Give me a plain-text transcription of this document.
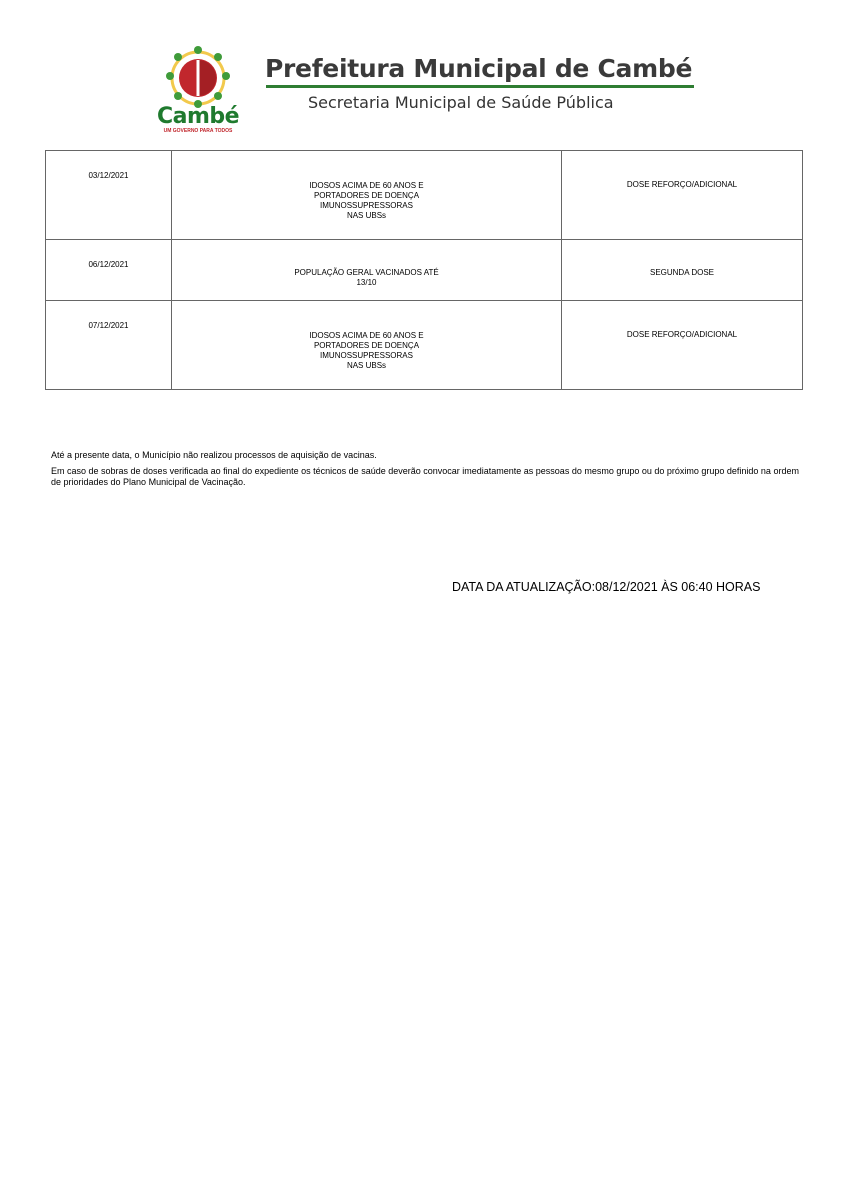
Cambé
UM GOVERNO PARA TODOS
Prefeitura Municipal de Cambé
Secretaria Municipal de Saúde Pública
03/12/2021	IDOSOS ACIMA DE 60 ANOS E
PORTADORES DE DOENÇA
IMUNOSSUPRESSORAS
NAS UBSs	DOSE REFORÇO/ADICIONAL

06/12/2021	POPULAÇÃO GERAL VACINADOS ATÉ
13/10	SEGUNDA DOSE

07/12/2021	IDOSOS ACIMA DE 60 ANOS E
PORTADORES DE DOENÇA
IMUNOSSUPRESSORAS
NAS UBSs	DOSE REFORÇO/ADICIONAL

Até a presente data, o Município não realizou processos de aquisição de vacinas.

Em caso de sobras de doses verificada ao final do expediente os técnicos de saúde deverão convocar imediatamente as pessoas do mesmo grupo ou do próximo grupo definido na ordem de prioridades do Plano Municipal de Vacinação.

DATA DA ATUALIZAÇÃO:08/12/2021 ÀS 06:40 HORAS
